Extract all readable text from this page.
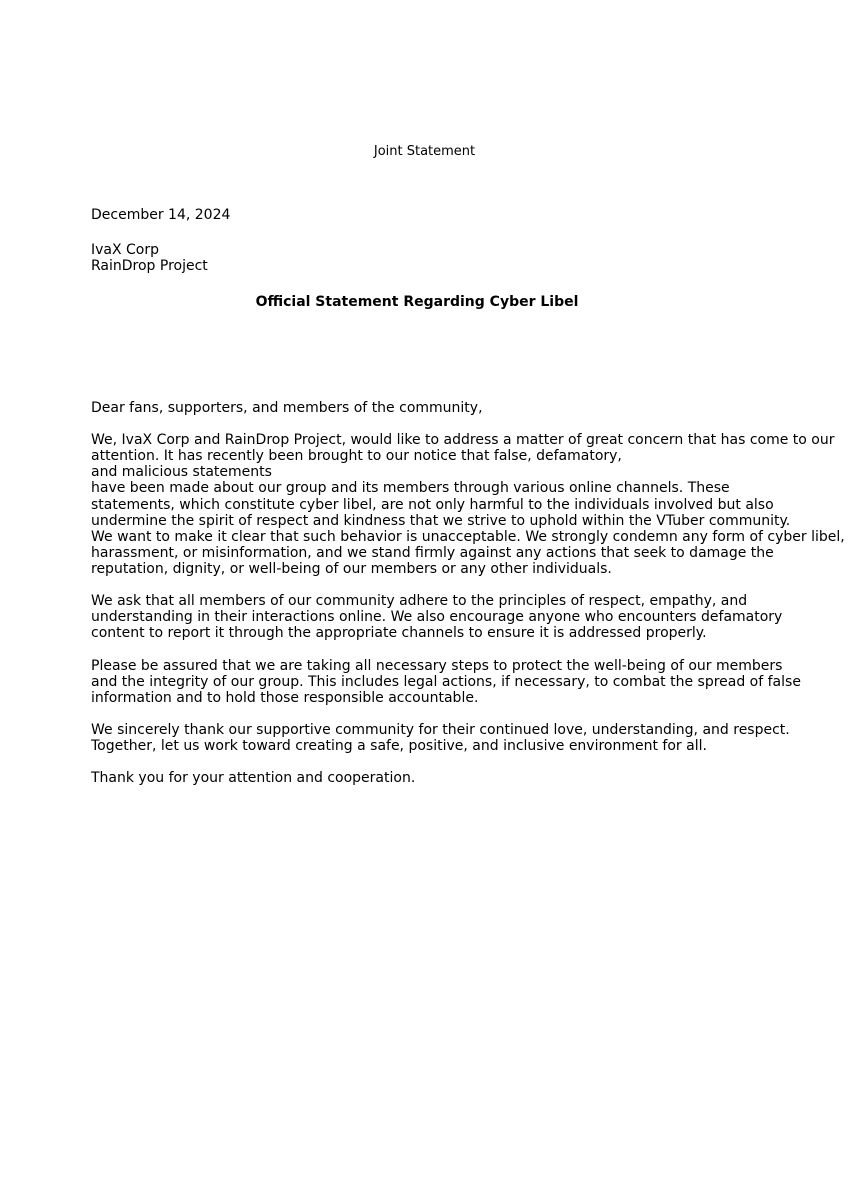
Joint Statement
December 14, 2024
IvaX Corp
RainDrop Project
Official Statement Regarding Cyber Libel
Dear fans, supporters, and members of the community,
We, IvaX Corp and RainDrop Project, would like to address a matter of great concern that has come to our
attention. It has recently been brought to our notice that false, defamatory,
and malicious statements
have been made about our group and its members through various online channels. These
statements, which constitute cyber libel, are not only harmful to the individuals involved but also
undermine the spirit of respect and kindness that we strive to uphold within the VTuber community.
We want to make it clear that such behavior is unacceptable. We strongly condemn any form of cyber libel,
harassment, or misinformation, and we stand firmly against any actions that seek to damage the
reputation, dignity, or well-being of our members or any other individuals.
We ask that all members of our community adhere to the principles of respect, empathy, and
understanding in their interactions online. We also encourage anyone who encounters defamatory
content to report it through the appropriate channels to ensure it is addressed properly.
Please be assured that we are taking all necessary steps to protect the well-being of our members
and the integrity of our group. This includes legal actions, if necessary, to combat the spread of false
information and to hold those responsible accountable.
We sincerely thank our supportive community for their continued love, understanding, and respect.
Together, let us work toward creating a safe, positive, and inclusive environment for all.
Thank you for your attention and cooperation.
